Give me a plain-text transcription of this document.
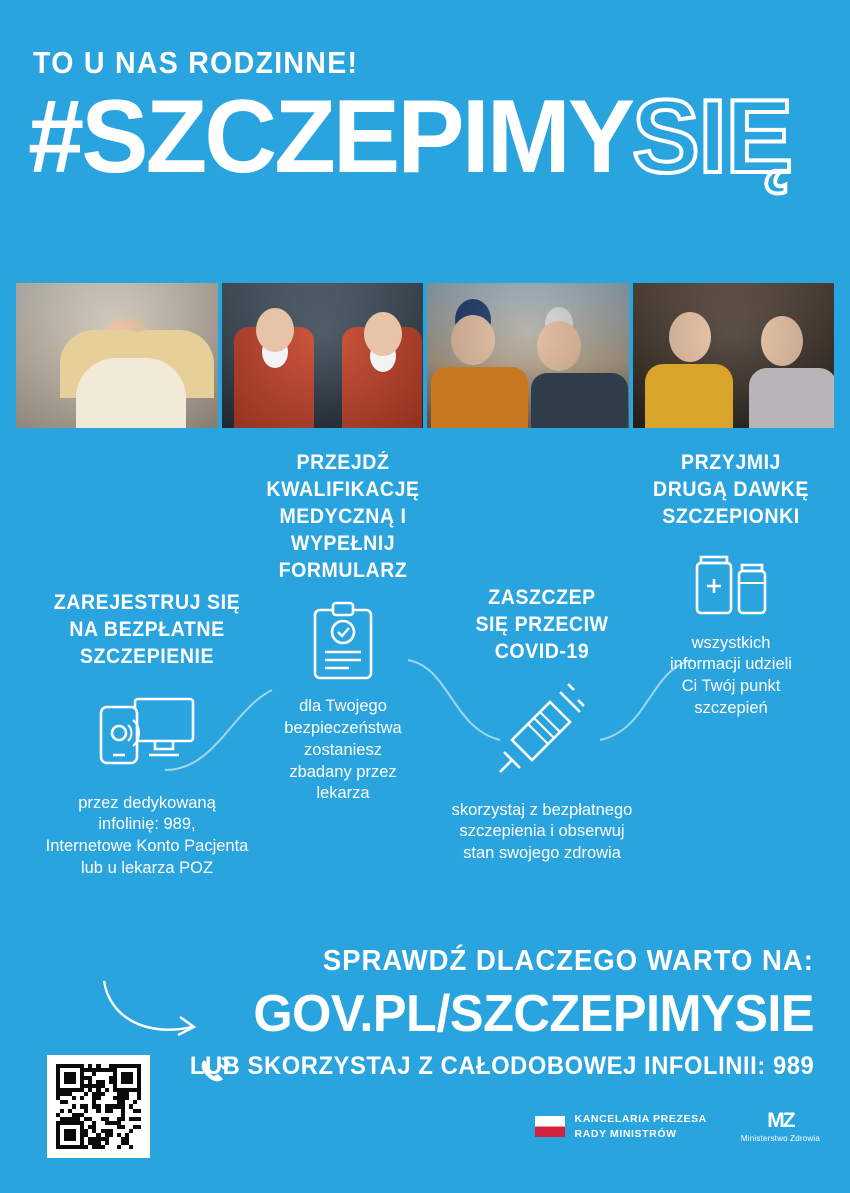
TO U NAS RODZINNE!
#SZCZEPIMYSIĘ
ZAREJESTRUJ SIĘ
NA BEZPŁATNE
SZCZEPIENIE

przez dedykowaną
infolinię: 989,
Internetowe Konto Pacjenta
lub u lekarza POZ

PRZEJDŹ KWALIFIKACJĘ
MEDYCZNĄ I WYPEŁNIJ
FORMULARZ

dla Twojego
bezpieczeństwa
zostaniesz
zbadany przez
lekarza

ZASZCZEP
SIĘ PRZECIW
COVID-19

skorzystaj z bezpłatnego
szczepienia i obserwuj
stan swojego zdrowia

PRZYJMIJ
DRUGĄ DAWKĘ
SZCZEPIONKI

wszystkich
informacji udzieli
Ci Twój punkt
szczepień

SPRAWDŹ DLACZEGO WARTO NA:
GOV.PL/SZCZEPIMYSIE
LUB SKORZYSTAJ Z CAŁODOBOWEJ INFOLINII: 989
KANCELARIA PREZESA
RADY MINISTRÓW
MZ
Ministerstwo Zdrowia
